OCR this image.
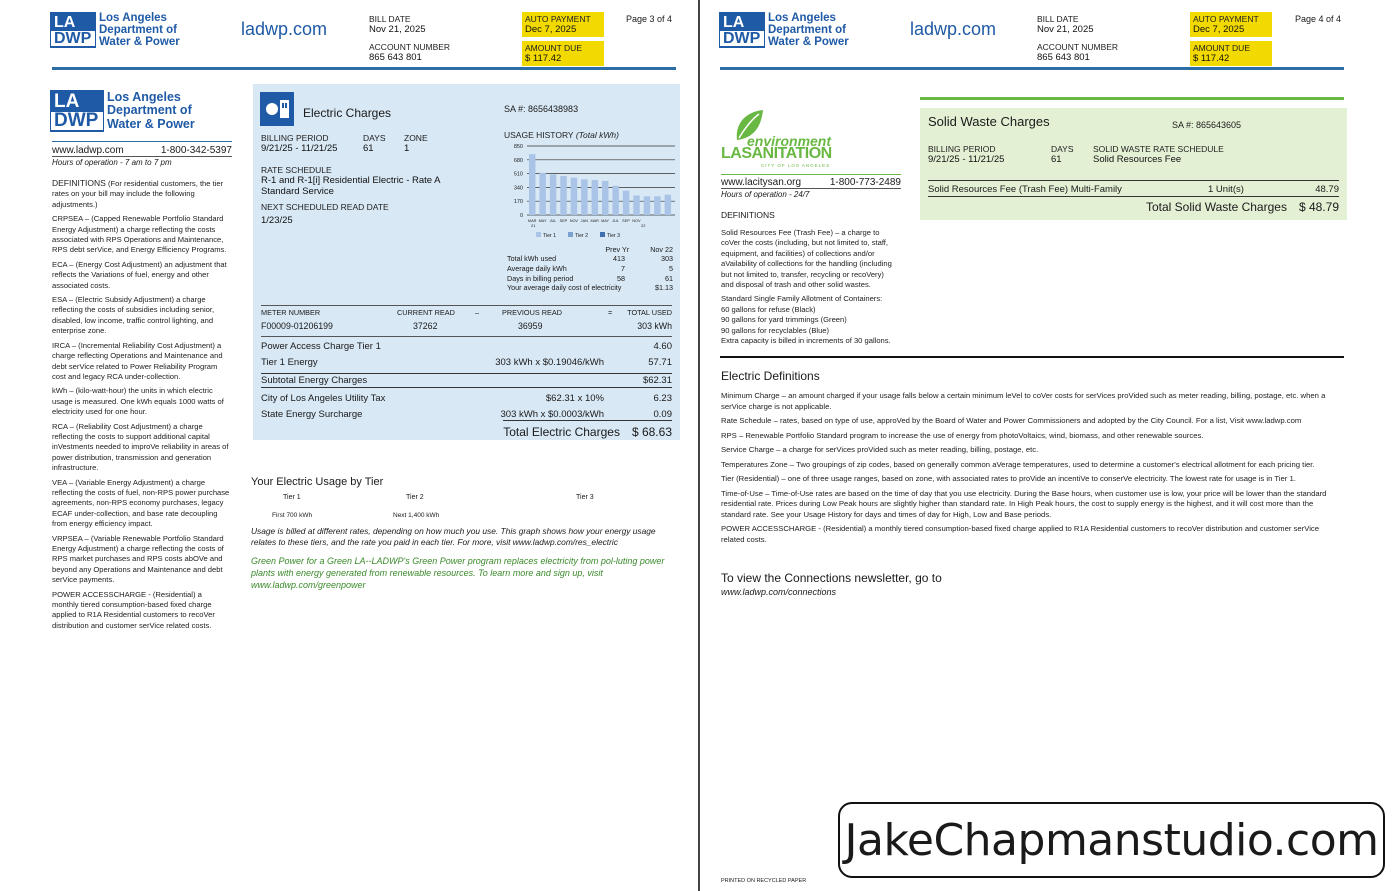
LA
DWP
Los Angeles
Department of
Water & Power
ladwp.com	BILL DATE
Nov 21, 2025
ACCOUNT NUMBER
865 643 801
AUTO PAYMENT
Dec 7, 2025
AMOUNT DUE
$ 117.42
Page 3 of 4
LA
DWP
Los Angeles
Department of
Water & Power
www.ladwp.com	1-800-342-5397
Hours of operation - 7 am to 7 pm
DEFINITIONS (For residential customers, the tier rates on your bill may include the following adjustments.)
CRPSEA – (Capped Renewable Portfolio Standard Energy Adjustment) a charge reflecting the costs associated with RPS Operations and Maintenance, RPS debt serVice, and Energy Efficiency Programs.
ECA – (Energy Cost Adjustment) an adjustment that reflects the Variations of fuel, energy and other associated costs.
ESA – (Electric Subsidy Adjustment) a charge reflecting the costs of subsidies including senior, disabled, low income, traffic control lighting, and enterprise zone.
IRCA – (Incremental Reliability Cost Adjustment) a charge reflecting Operations and Maintenance and debt serVice related to Power Reliability Program cost and legacy RCA under-collection.
kWh – (kilo-watt-hour) the units in which electric usage is measured. One kWh equals 1000 watts of electricity used for one hour.
RCA – (Reliability Cost Adjustment) a charge reflecting the costs to support additional capital inVestments needed to improVe reliability in areas of power distribution, transmission and generation infrastructure.
VEA – (Variable Energy Adjustment) a charge reflecting the costs of fuel, non-RPS power purchase agreements, non-RPS economy purchases, legacy ECAF under-collection, and base rate decoupling from energy efficiency impact.
VRPSEA – (Variable Renewable Portfolio Standard Energy Adjustment) a charge reflecting the costs of RPS market purchases and RPS costs abOVe and beyond any Operations and Maintenance and debt serVice payments.
POWER ACCESSCHARGE - (Residential) a monthly tiered consumption-based fixed charge applied to R1A Residential customers to recoVer distribution and customer serVice related costs.
Electric Charges	SA #: 8656438983
BILLING PERIOD
9/21/25 - 11/21/25
DAYS
61
ZONE
1
RATE SCHEDULE
R-1 and R-1[i] Residential Electric - Rate A
Standard Service
NEXT SCHEDULED READ DATE
1/23/25
USAGE HISTORY (Total kWh)
0
170
340
510
680
850
MAR MAY JUL SEP NOV JAN MAR MAY JUL SEP NOV
21	22
Tier 1	Tier 2	Tier 3
Prev Yr	Nov 22
Total kWh used	413	303
Average daily kWh	7	5
Days in billing period	58	61
Your average daily cost of electricity	$1.13
METER NUMBER	CURRENT READ	–	PREVIOUS READ	= TOTAL USED
F00009-01206199	37262	36959	303 kWh
Power Access Charge Tier 1	4.60
Tier 1 Energy	303 kWh x $0.19046/kWh	57.71
Subtotal Energy Charges	$62.31
City of Los Angeles Utility Tax	$62.31 x 10%	6.23
State Energy Surcharge	303 kWh x $0.0003/kWh	0.09
Total Electric Charges $ 68.63
Your Electric Usage by Tier
Tier 1	Tier 2	Tier 3
First 700 kWh	Next 1,400 kWh
Usage is billed at different rates, depending on how much you use. This graph shows how your energy usage relates to these tiers, and the rate you paid in each tier. For more, visit www.ladwp.com/res_electric
Green Power for a Green LA--LADWP's Green Power program replaces electricity from pol-luting power plants with energy generated from renewable resources. To learn more and sign up, visit www.ladwp.com/greenpower
LA
DWP
Los Angeles
Department of
Water & Power
ladwp.com	BILL DATE
Nov 21, 2025
ACCOUNT NUMBER
865 643 801
AUTO PAYMENT
Dec 7, 2025
AMOUNT DUE
$ 117.42
Page 4 of 4
environment
LASANITATION
CITY OF LOS ANGELES
www.lacitysan.org	1-800-773-2489
Hours of operation - 24/7
DEFINITIONS
Solid Resources Fee (Trash Fee) – a charge to coVer the costs (including, but not limited to, staff, equipment, and facilities) of collections and/or aVailability of collections for the handling (including but not limited to, transfer, recycling or recoVery) and disposal of trash and other solid wastes.
Standard Single Family Allotment of Containers:
60 gallons for refuse (Black)
90 gallons for yard trimmings (Green)
90 gallons for recyclables (Blue)
Extra capacity is billed in increments of 30 gallons.
Solid Waste Charges	SA #: 865643605
BILLING PERIOD
9/21/25 - 11/21/25
DAYS
61
SOLID WASTE RATE SCHEDULE
Solid Resources Fee
Solid Resources Fee (Trash Fee) Multi-Family	1 Unit(s)	48.79
Total Solid Waste Charges $ 48.79
Electric Definitions
Minimum Charge – an amount charged if your usage falls below a certain minimum leVel to coVer costs for serVices proVided such as meter reading, billing, postage, etc. when a serVice charge is not applicable.
Rate Schedule – rates, based on type of use, approVed by the Board of Water and Power Commissioners and adopted by the City Council. For a list, Visit www.ladwp.com
RPS – Renewable Portfolio Standard program to increase the use of energy from photoVoltaics, wind, biomass, and other renewable sources.
Service Charge – a charge for serVices proVided such as meter reading, billing, postage, etc.
Temperatures Zone – Two groupings of zip codes, based on generally common aVerage temperatures, used to determine a customer's electrical allotment for each pricing tier.
Tier (Residential) – one of three usage ranges, based on zone, with associated rates to proVide an incentiVe to conserVe electricity. The lowest rate for usage is in Tier 1.
Time-of-Use – Time-of-Use rates are based on the time of day that you use electricity. During the Base hours, when customer use is low, your price will be lower than the standard residential rate. Prices during Low Peak hours are slightly higher than standard rate. In High Peak hours, the cost to supply energy is the highest, and it will cost more than the standard rate. See your Usage History for days and times of day for High, Low and Base periods.
POWER ACCESSCHARGE - (Residential) a monthly tiered consumption-based fixed charge applied to R1A Residential customers to recoVer distribution and customer serVice related costs.
To view the Connections newsletter, go to
www.ladwp.com/connections
PRINTED ON RECYCLED PAPER
JakeChapmanstudio.com
